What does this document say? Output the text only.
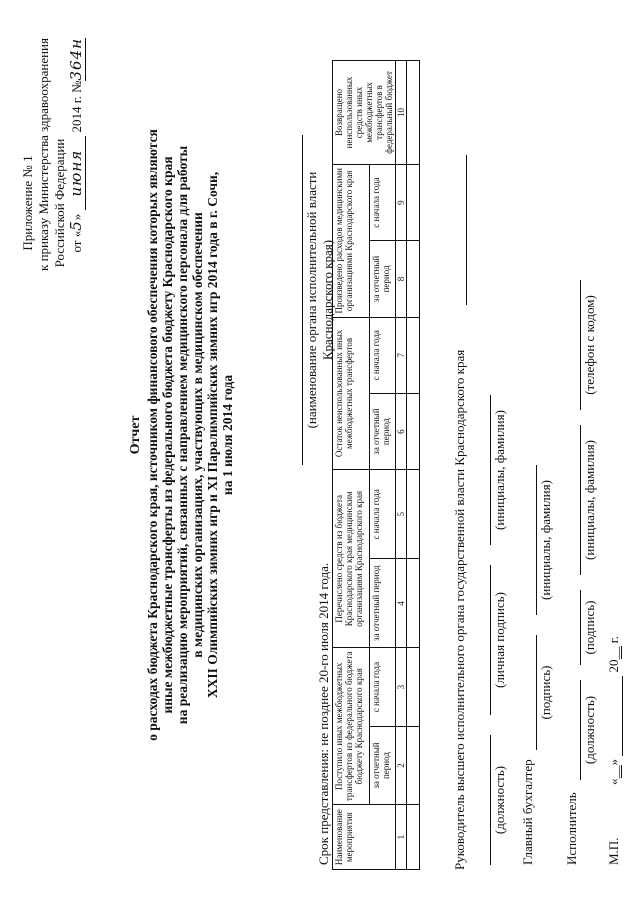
Приложение № 1 к приказу Министерства здравоохранения Российской Федерации от «5» июня 2014 г. №364н
Отчет о расходах бюджета Краснодарского края, источником финансового обеспечения которых являются иные межбюджетные трансферты из федерального бюджета бюджету Краснодарского края на реализацию мероприятий, связанных с направлением медицинского персонала для работы в медицинских организациях, участвующих в медицинском обеспечении XXII Олимпийских зимних игр и XI Паралимпийских зимних игр 2014 года в г. Сочи, на 1 июля 2014 года
(наименование органа исполнительной власти Краснодарского края)
Срок представления: не позднее 20-го июля 2014 года. Наименование мероприятия	Поступило иных межбюджетных трансфертов из федерального бюджета бюджету Краснодарского края		Перечислено средств из бюджета Краснодарского края медицинским организациям Краснодарского края		Остаток неиспользованных иных межбюджетных трансфертов		Произведено расходов медицинскими организациями Краснодарского края		Возвращено неиспользованных средств иных межбюджетных трансфертов в федеральный бюджет
	за отчетный период	с начала года	за отчетный период	с начала года	за отчетный период	с начала года	за отчетный период	с начала года	
1	2	3	4	5	6	7	8	9	10

Руководитель высшего исполнительного органа государственной власти Краснодарского края (должность)
(личная подпись)
(инициалы, фамилия)
Главный бухгалтер
(подпись)
(инициалы, фамилия)
Исполнитель
(должность)
(подпись)
(инициалы, фамилия)
(телефон с кодом)
М.П.
«__»   20__ г.
